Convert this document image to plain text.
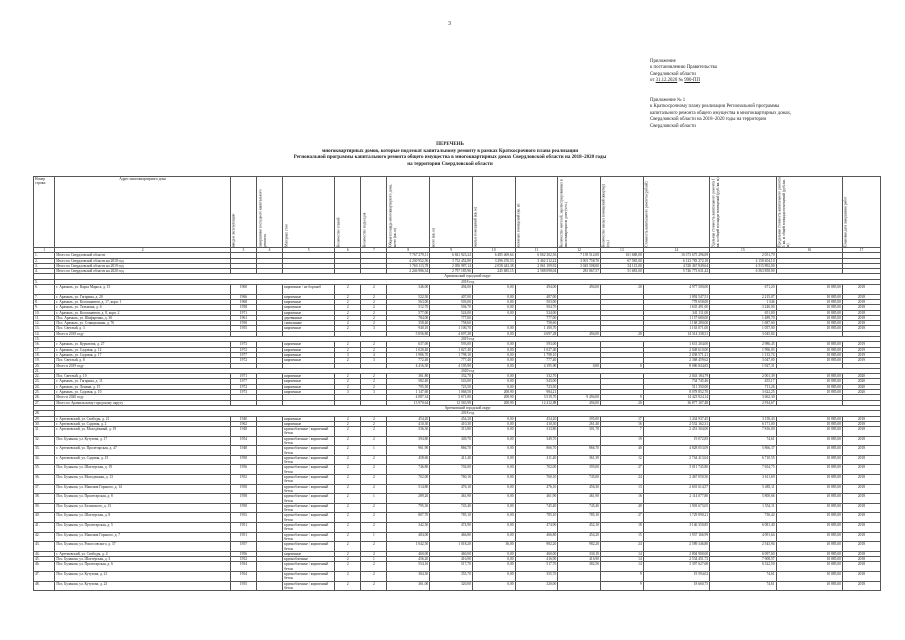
3
Приложение
к постановлению Правительства
Свердловской области
от 31.12.2020 № 990-ПП
Приложение № 1
к Краткосрочному плану реализации Региональной программы
капитального ремонта общего имущества в многоквартирных домах,
Свердловской области на 2018–2020 годы на территории
Свердловской области
ПЕРЕЧЕНЬ
многоквартирных домов, которые подлежат капитальному ремонту в рамках Краткосрочного плана реализации
Региональной программы капитального ремонта общего имущества в многоквартирных домах Свердловской области на 2018–2020 годы
на территории Свердловской области
Номер строки	Адрес многоквартирного дома	ввода в эксплуатацию	завершения последнего капитального ремонта	Материал стен	Количество этажей	Количество подъездов	Общая площадь многоквартирного дома, всего (кв. м)	всего (кв. м)	жилых помещений (кв. м)	нежилых помещений (кв. м)	Количество жителей, зарегистрированных в многоквартирном доме (чел.)	Количество жилых помещений (квартир) (ед.)	Стоимость капитального ремонта (рублей)	Удельная стоимость капитального ремонта 1 кв. м общей площади помещений (руб./кв. м)	Предельная стоимость капитального ремонта 1 кв. м общей площади помещений (руб./кв. м)	Плановая дата завершения работ
1	2	3	4	5	6	7	8	9	10	11	12	13	14	15	16	17
1.	Итого по Свердловской области						7 767 279,11	6 841 923,24	6 485 469,64	6 062 302,56	7 139 512,00	161 688,00	16 373 675 296,69	2 051,79		
2.	Итого по Свердловской области на 2018 год						4 230 952,56	3 752 452,80	3 296 476,53	3 462 312,22	3 001 758,70	67 585,00	6 123 783 272,18	4 158 404,10		
3.	Итого по Свердловской области на 2019 год						1 760 113,78	2 050 987,14	2 058 443,38	2 061 109,92	3 045 508,00	54 115,00	4 530 467 849,64	4 515 892,00		
4.	Итого по Свердловской области на 2020 год						2 246 986,34	2 797 185,96	245 685,15	2 588 098,04	281 867,57	51 683,00	5 746 773 631,42	6 563 850,00		
	Арамильский городской округ															
5.	2018 год															
6.	г. Арамиль, ул. Карла Маркса, д. 15	1960		кирпичные / не бороноб	2	2	346,00	494,00	0,00	494,00	494,00	20	4 977 500,00	671,20	10 885,00	2018
7.	г. Арамиль, ул. Гагарина, д. 20	1966		кирпичные	2	2	522,30	407,00	0,00	407,00			1 092 547,51	2 215,07	10 885,00	2018
8.	г. Арамиль, ул. Космонавтов, д. 17, корп. 1	1968		кирпичные	2	2	563,00	503,00	0,00	503,00			778 658,00	1 546	10 885,00	2018
9.	г. Арамиль, ул. Тельмана, д. 6	1958		кирпичные	2	2	512,70	504,70	0,00	504,70			1 635 491,00	3 240,00	10 885,00	2018
10.	г. Арамиль, ул. Космонавтов, д. 8, корп. 2	1971		кирпичные	2	2	577,00	524,00	0,00	524,00			341 111,00	651,00	10 885,00	2018
11.	Пос. Арамиль, ул. Шифаренко, д. 30	1961		деревянные	2	2	784,00	777,00		777,00			1 157 680,00	1 489,70	10 885,00	2018
12.	Пос. Арамиль, ул. Станционная, д. 76	1950		смешанные	2	2	358,40	758,60		758,60			1 168 280,00	1 687,60	10 885,00	2018
13.	Пос. Светлый, д. 3	1955		кирпичные	2	3	940,10	1 100,70	0,00	1 100,70			1 163 071,00	1 057,00	10 885,00	2018
14.	Итого в 2018 году						5 056,80	4 697,28	0,00	4 697,28	494,00	20	14 314 338,51	3 045,84		
15.	2019 год															
16.	г. Арамиль, ул. Курчатова, д. 27	1973		кирпичные	2	2	637,00	593,00	0,00	593,00			1 631 204,00	2 986,45	10 885,00	2019
17.	г. Арамиль, ул. Садовая, д. 12	1972		кирпичные	2	2	1 020,40	1 027,40	0,00	1 027,40			2 048 610,00	1 996,03	10 885,00	2019
18.	г. Арамиль, ул. Садовая, д. 17	1977		кирпичные	3	4	1 986,70	1 798,10	0,00	1 798,10			2 038 571,21	1 133,74	10 885,00	2019
19.	Пос. Светлый, д. 8	1972		кирпичные	2	3	772,40	777,40	0,00	777,40			2 368 459,62	3 047,00	10 885,00	2019
20.	Итого в 2019 году						4 416,50	4 195,90	0,00	4 195,90	0,00	0	8 086 844,83	1 927,31		
21.	2020 год															
22.	Пос. Светлый, д. 10	1971		кирпичные	2	2	361,80	332,70	0,00	332,70			2 043 184,79	2 001,39	10 885,00	2020
23.	г. Арамиль, ул. Гагарина, д. 11	1977		кирпичные	2	2	582,40	543,00	0,00	543,00			734 745,46	455,17	10 885,00	2020
24.	г. Арамиль, ул. Ленина, д. 15	1972		кирпичные	2	2	795,50	723,50	0,00	723,50			511 350,00	711,26	10 885,00	2020
25.	г. Арамиль, ул. Садовая, д. 10	1973		кирпичные	3	3	1 147,60	1 068,50	208,90	984,21			8 078 852,70	3 622,25	10 885,00	2020
26.	Итого в 2020 году						4 087,34	3 671,80	208,90	3 519,70	9 494,00	9	14 423 924,14	3 662,30		
27.	Итого по Арамильскому городскому округу						13 970,64	12 565,98	208,90	12 412,88	494,00	20	36 877 107,48	2 934,67		
	Артемовский городской округ															
28.	2018 год															
29.	г. Артемовский, ул. Свободы, д. 21	1940		кирпичные	2	2	454,20	454,20	0,00	454,20	395,00	17	1 434 937,45	3 158,43	10 885,00	2018
30.	г. Артемовский, ул. Садовая, д. 2	1962		кирпичные	2	2	410,30	410,30	0,00	410,30	261,40	16	2 532 162,31	6 171,00	10 885,00	2018
31.	г. Артемовский, ул. Молодёжный, д. 19	1948		крупноблочные / кирпичный бетон	2	2	336,30	313,80	0,00	313,80	301,78	7	2 451 304,00	7 816,00	10 885,00	2018
32.	Пос. Буланаш, ул. Кутузова, д. 17	1954		крупноблочные / кирпичный бетон	2	2	394,80	349,70	0,00	349,70		19	19 072,85	74,61	10 885,00	2018
33.	г. Артемовский, ул. Пролетарская, д. 47	1948		крупноблочные / кирпичный бетон	2	1	961,90	866,70	0,00	866,70	866,70	40	4 828 053,09	5 866,37	10 885,00	2018
34.	г. Артемовский, ул. Садовая, д. 15	1950		крупноблочные / кирпичный бетон	2	2	458,60	411,40	0,00	411,40	361,39	12	2 744 413,04	6 710,55	10 885,00	2018
35.	Пос. Буланаш, ул. Шахтерская, д. 19	1956		крупноблочные / кирпичный бетон	2	2	746,80	702,00	0,00	702,00	395,00	27	5 011 745,80	7 654,75	10 885,00	2018
36.	Пос. Буланаш, ул. Молодежная, д. 13	1952		крупноблочные / кирпичный бетон	2	2	702,00	760,10	0,00	760,10	745,00	24	2 467 050,50	3 611,69	10 885,00	2018
37.	Пос. Буланаш, ул. Максима Горького, д. 14	1950		крупноблочные / кирпичный бетон	2	2	514,80	476,10	0,00	476,10	456,30	13	2 601 614,57	5 485,11	10 885,00	2018
38.	Пос. Буланаш, ул. Пролетарская, д. 8	1958		крупноблочные / кирпичный бетон	2	1	289,20	461,90	0,00	461,90	461,90	16	2 114 077,80	5 800,66	10 885,00	2018
39.	Пос. Буланаш, ул. Белинского, д. 13	1950		крупноблочные / кирпичный бетон	2	2	795,30	745,40	0,00	745,40	745,40	40	1 903 673,05	1 554,11	10 885,00	2018
40.	Пос. Буланаш, ул. Шахтерская, д. 8	1953		крупноблочные / кирпичный бетон	2	2	807,70	785,10	0,00	785,10	785,10	27	1 729 090,21	736,42	10 885,00	2018
41.	Пос. Буланаш, ул. Пролетарская, д. 5	1951		крупноблочные / кирпичный бетон	2	2	342,50	474,90	0,00	474,90	452,10	18	3 146 350,85	6 081,40	10 885,00	2018
42.	Пос. Буланаш, ул. Максима Горького, д. 7	1951		крупноблочные / кирпичный бетон	2	1	484,00	466,80	0,00	466,80	454,20	15	1 937 166,99	4 091,64	10 885,00	2018
43.	Пос. Буланаш, ул. Рокоссовского, д. 37	1957		крупноблочные / кирпичный бетон	2	2	1 042,50	1 018,20	36,00	982,20	982,20	24	2 589 346,80	2 543,94	10 885,00	2018
44.	г. Артемовский, ул. Свободы, д. 4	1956		кирпичные	2	2	460,00	460,00	0,00	460,00	330,10	14	2 804 900,00	6 097,60	10 885,00	2018
45.	Пос. Буланаш, ул. Шахтерская, д. 3	1952		крупноблочные	2	1	456,20	416,90	0,00	416,90	416,90	14	2 534 451,73	7 908,57	10 885,00	2018
46.	Пос. Буланаш, ул. Пролетарская, д. 6	1954		крупноблочные / кирпичный бетон	2	2	554,10	517,70	0,00	517,70	382,50	14	3 397 627,68	6 522,50	10 885,00	2018
47.	Пос. Буланаш, ул. Кутузова, д. 21	1954		крупноблочные / кирпичный бетон	2	2	384,30	355,70	0,00	355,70		9	19 594,02	74,61	10 885,00	2018
48.	Пос. Буланаш, ул. Кутузова, д. 23	1955		крупноблочные / кирпичный бетон	2	2	361,00	320,00	0,00	320,00		9	18 660,75	74,61	10 885,00	2018
